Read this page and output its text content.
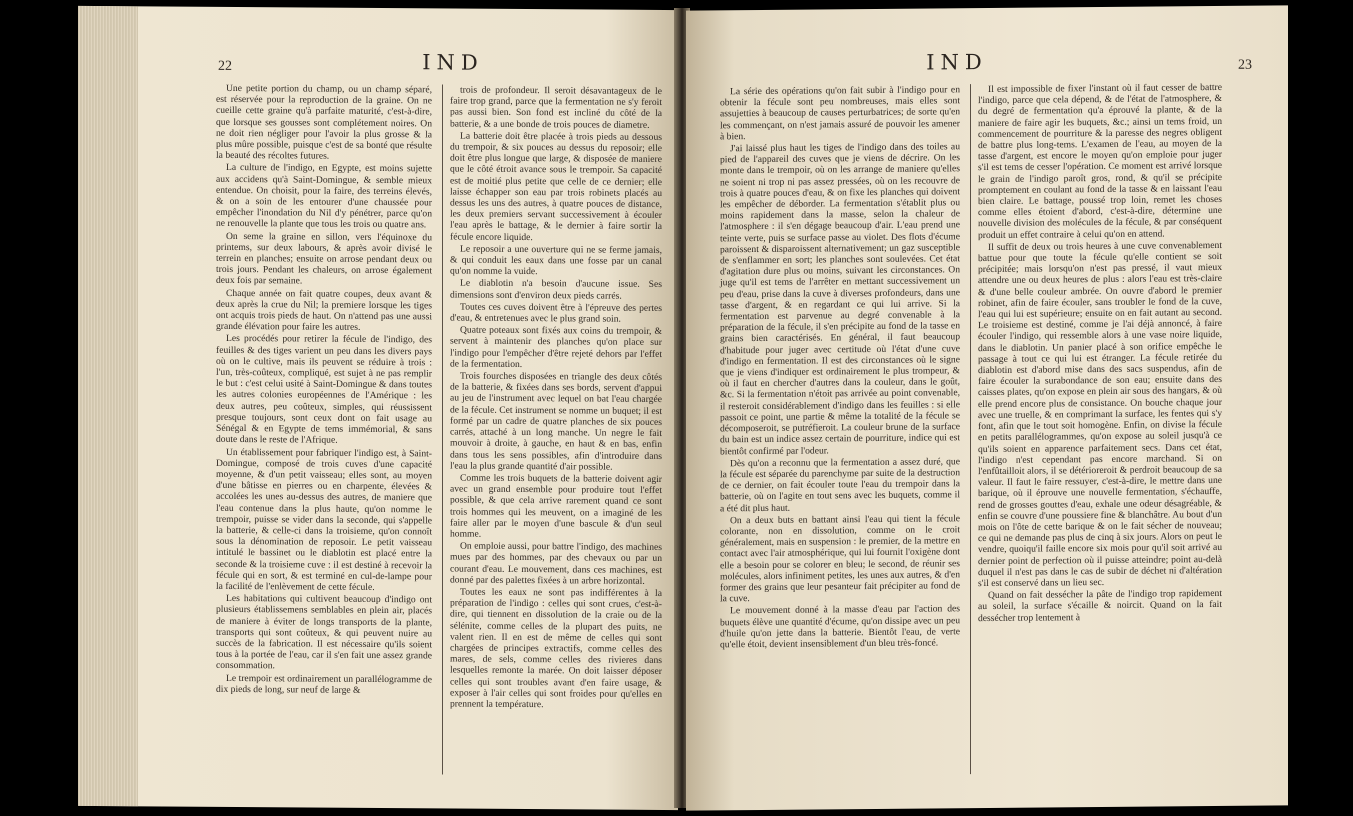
22	IND

Une petite portion du champ, ou un champ séparé, est réservée pour la reproduction de la graine. On ne cueille cette graine qu'à parfaite maturité, c'est-à-dire, que lorsque ses gousses sont complétement noires. On ne doit rien négliger pour l'avoir la plus grosse & la plus mûre possible, puisque c'est de sa bonté que résulte la beauté des récoltes futures.

La culture de l'indigo, en Egypte, est moins sujette aux accidens qu'à Saint-Domingue, & semble mieux entendue. On choisit, pour la faire, des terreins élevés, & on a soin de les entourer d'une chaussée pour empêcher l'inondation du Nil d'y pénétrer, parce qu'on ne renouvelle la plante que tous les trois ou quatre ans.

On seme la graine en sillon, vers l'équinoxe du printems, sur deux labours, & après avoir divisé le terrein en planches; ensuite on arrose pendant deux ou trois jours. Pendant les chaleurs, on arrose également deux fois par semaine.

Chaque année on fait quatre coupes, deux avant & deux après la crue du Nil; la premiere lorsque les tiges ont acquis trois pieds de haut. On n'attend pas une aussi grande élévation pour faire les autres.

Les procédés pour retirer la fécule de l'indigo, des feuilles & des tiges varient un peu dans les divers pays où on le cultive, mais ils peuvent se réduire à trois : l'un, très-coûteux, compliqué, est sujet à ne pas remplir le but : c'est celui usité à Saint-Domingue & dans toutes les autres colonies européennes de l'Amérique : les deux autres, peu coûteux, simples, qui réussissent presque toujours, sont ceux dont on fait usage au Sénégal & en Egypte de tems immémorial, & sans doute dans le reste de l'Afrique.

Un établissement pour fabriquer l'indigo est, à Saint-Domingue, composé de trois cuves d'une capacité moyenne, & d'un petit vaisseau; elles sont, au moyen d'une bâtisse en pierres ou en charpente, élevées & accolées les unes au-dessus des autres, de maniere que l'eau contenue dans la plus haute, qu'on nomme le trempoir, puisse se vider dans la seconde, qui s'appelle la batterie, & celle-ci dans la troisieme, qu'on connoît sous la dénomination de reposoir. Le petit vaisseau intitulé le bassinet ou le diablotin est placé entre la seconde & la troisieme cuve : il est destiné à recevoir la fécule qui en sort, & est terminé en cul-de-lampe pour la facilité de l'enlèvement de cette fécule.

Les habitations qui cultivent beaucoup d'indigo ont plusieurs établissemens semblables en plein air, placés de maniere à éviter de longs transports de la plante, transports qui sont coûteux, & qui peuvent nuire au succès de la fabrication. Il est nécessaire qu'ils soient tous à la portée de l'eau, car il s'en fait une assez grande consommation.

Le trempoir est ordinairement un parallélogramme de dix pieds de long, sur neuf de large &

trois de profondeur. Il seroit désavantageux de le faire trop grand, parce que la fermentation ne s'y feroit pas aussi bien. Son fond est incliné du côté de la batterie, & a une bonde de trois pouces de diametre.

La batterie doit être placée à trois pieds au dessous du trempoir, & six pouces au dessus du reposoir; elle doit être plus longue que large, & disposée de maniere que le côté étroit avance sous le trempoir. Sa capacité est de moitié plus petite que celle de ce dernier; elle laisse échapper son eau par trois robinets placés au dessus les uns des autres, à quatre pouces de distance, les deux premiers servant successivement à écouler l'eau après le battage, & le dernier à faire sortir la fécule encore liquide.

Le reposoir a une ouverture qui ne se ferme jamais, & qui conduit les eaux dans une fosse par un canal qu'on nomme la vuide.

Le diablotin n'a besoin d'aucune issue. Ses dimensions sont d'environ deux pieds carrés.

Toutes ces cuves doivent être à l'épreuve des pertes d'eau, & entretenues avec le plus grand soin.

Quatre poteaux sont fixés aux coins du trempoir, & servent à maintenir des planches qu'on place sur l'indigo pour l'empêcher d'être rejeté dehors par l'effet de la fermentation.

Trois fourches disposées en triangle des deux côtés de la batterie, & fixées dans ses bords, servent d'appui au jeu de l'instrument avec lequel on bat l'eau chargée de la fécule. Cet instrument se nomme un buquet; il est formé par un cadre de quatre planches de six pouces carrés, attaché à un long manche. Un negre le fait mouvoir à droite, à gauche, en haut & en bas, enfin dans tous les sens possibles, afin d'introduire dans l'eau la plus grande quantité d'air possible.

Comme les trois buquets de la batterie doivent agir avec un grand ensemble pour produire tout l'effet possible, & que cela arrive rarement quand ce sont trois hommes qui les meuvent, on a imaginé de les faire aller par le moyen d'une bascule & d'un seul homme.

On emploie aussi, pour battre l'indigo, des machines mues par des hommes, par des chevaux ou par un courant d'eau. Le mouvement, dans ces machines, est donné par des palettes fixées à un arbre horizontal.

Toutes les eaux ne sont pas indifférentes à la préparation de l'indigo : celles qui sont crues, c'est-à-dire, qui tiennent en dissolution de la craie ou de la sélénite, comme celles de la plupart des puits, ne valent rien. Il en est de même de celles qui sont chargées de principes extractifs, comme celles des mares, de sels, comme celles des rivieres dans lesquelles remonte la marée. On doit laisser déposer celles qui sont troubles avant d'en faire usage, & exposer à l'air celles qui sont froides pour qu'elles en prennent la température.

IND	23

La série des opérations qu'on fait subir à l'indigo pour en obtenir la fécule sont peu nombreuses, mais elles sont assujetties à beaucoup de causes perturbatrices; de sorte qu'en les commençant, on n'est jamais assuré de pouvoir les amener à bien.

J'ai laissé plus haut les tiges de l'indigo dans des toiles au pied de l'appareil des cuves que je viens de décrire. On les monte dans le trempoir, où on les arrange de maniere qu'elles ne soient ni trop ni pas assez pressées, où on les recouvre de trois à quatre pouces d'eau, & on fixe les planches qui doivent les empêcher de déborder. La fermentation s'établit plus ou moins rapidement dans la masse, selon la chaleur de l'atmosphere : il s'en dégage beaucoup d'air. L'eau prend une teinte verte, puis se surface passe au violet. Des flots d'écume paroissent & disparoissent alternativement; un gaz susceptible de s'enflammer en sort; les planches sont soulevées. Cet état d'agitation dure plus ou moins, suivant les circonstances. On juge qu'il est tems de l'arrêter en mettant successivement un peu d'eau, prise dans la cuve à diverses profondeurs, dans une tasse d'argent, & en regardant ce qui lui arrive. Si la fermentation est parvenue au degré convenable à la préparation de la fécule, il s'en précipite au fond de la tasse en grains bien caractérisés. En général, il faut beaucoup d'habitude pour juger avec certitude où l'état d'une cuve d'indigo en fermentation. Il est des circonstances où le signe que je viens d'indiquer est ordinairement le plus trompeur, & où il faut en chercher d'autres dans la couleur, dans le goût, &c. Si la fermentation n'étoit pas arrivée au point convenable, il resteroit considérablement d'indigo dans les feuilles : si elle passoit ce point, une partie & même la totalité de la fécule se décomposeroit, se putréfieroit. La couleur brune de la surface du bain est un indice assez certain de pourriture, indice qui est bientôt confirmé par l'odeur.

Dès qu'on a reconnu que la fermentation a assez duré, que la fécule est séparée du parenchyme par suite de la destruction de ce dernier, on fait écouler toute l'eau du trempoir dans la batterie, où on l'agite en tout sens avec les buquets, comme il a été dit plus haut.

On a deux buts en battant ainsi l'eau qui tient la fécule colorante, non en dissolution, comme on le croit généralement, mais en suspension : le premier, de la mettre en contact avec l'air atmosphérique, qui lui fournit l'oxigène dont elle a besoin pour se colorer en bleu; le second, de réunir ses molécules, alors infiniment petites, les unes aux autres, & d'en former des grains que leur pesanteur fait précipiter au fond de la cuve.

Le mouvement donné à la masse d'eau par l'action des buquets élève une quantité d'écume, qu'on dissipe avec un peu d'huile qu'on jette dans la batterie. Bientôt l'eau, de verte qu'elle étoit, devient insensiblement d'un bleu très-foncé.

Il est impossible de fixer l'instant où il faut cesser de battre l'indigo, parce que cela dépend, & de l'état de l'atmosphere, & du degré de fermentation qu'a éprouvé la plante, & de la maniere de faire agir les buquets, &c.; ainsi un tems froid, un commencement de pourriture & la paresse des negres obligent de battre plus long-tems. L'examen de l'eau, au moyen de la tasse d'argent, est encore le moyen qu'on emploie pour juger s'il est tems de cesser l'opération. Ce moment est arrivé lorsque le grain de l'indigo paroît gros, rond, & qu'il se précipite promptement en coulant au fond de la tasse & en laissant l'eau bien claire. Le battage, poussé trop loin, remet les choses comme elles étoient d'abord, c'est-à-dire, détermine une nouvelle division des molécules de la fécule, & par conséquent produit un effet contraire à celui qu'on en attend.

Il suffit de deux ou trois heures à une cuve convenablement battue pour que toute la fécule qu'elle contient se soit précipitée; mais lorsqu'on n'est pas pressé, il vaut mieux attendre une ou deux heures de plus : alors l'eau est très-claire & d'une belle couleur ambrée. On ouvre d'abord le premier robinet, afin de faire écouler, sans troubler le fond de la cuve, l'eau qui lui est supérieure; ensuite on en fait autant au second. Le troisieme est destiné, comme je l'ai déjà annoncé, à faire écouler l'indigo, qui ressemble alors à une vase noire liquide, dans le diablotin. Un panier placé à son orifice empêche le passage à tout ce qui lui est étranger. La fécule retirée du diablotin est d'abord mise dans des sacs suspendus, afin de faire écouler la surabondance de son eau; ensuite dans des caisses plates, qu'on expose en plein air sous des hangars, & où elle prend encore plus de consistance. On bouche chaque jour avec une truelle, & en comprimant la surface, les fentes qui s'y font, afin que le tout soit homogène. Enfin, on divise la fécule en petits parallélogrammes, qu'on expose au soleil jusqu'à ce qu'ils soient en apparence parfaitement secs. Dans cet état, l'indigo n'est cependant pas encore marchand. Si on l'enfûtailloit alors, il se détérioreroit & perdroit beaucoup de sa valeur. Il faut le faire ressuyer, c'est-à-dire, le mettre dans une barique, où il éprouve une nouvelle fermentation, s'échauffe, rend de grosses gouttes d'eau, exhale une odeur désagréable, & enfin se couvre d'une poussiere fine & blanchâtre. Au bout d'un mois on l'ôte de cette barique & on le fait sécher de nouveau; ce qui ne demande pas plus de cinq à six jours. Alors on peut le vendre, quoiqu'il faille encore six mois pour qu'il soit arrivé au dernier point de perfection où il puisse atteindre; point au-delà duquel il n'est pas dans le cas de subir de déchet ni d'altération s'il est conservé dans un lieu sec.

Quand on fait dessécher la pâte de l'indigo trop rapidement au soleil, la surface s'écaille & noircit. Quand on la fait dessécher trop lentement à
